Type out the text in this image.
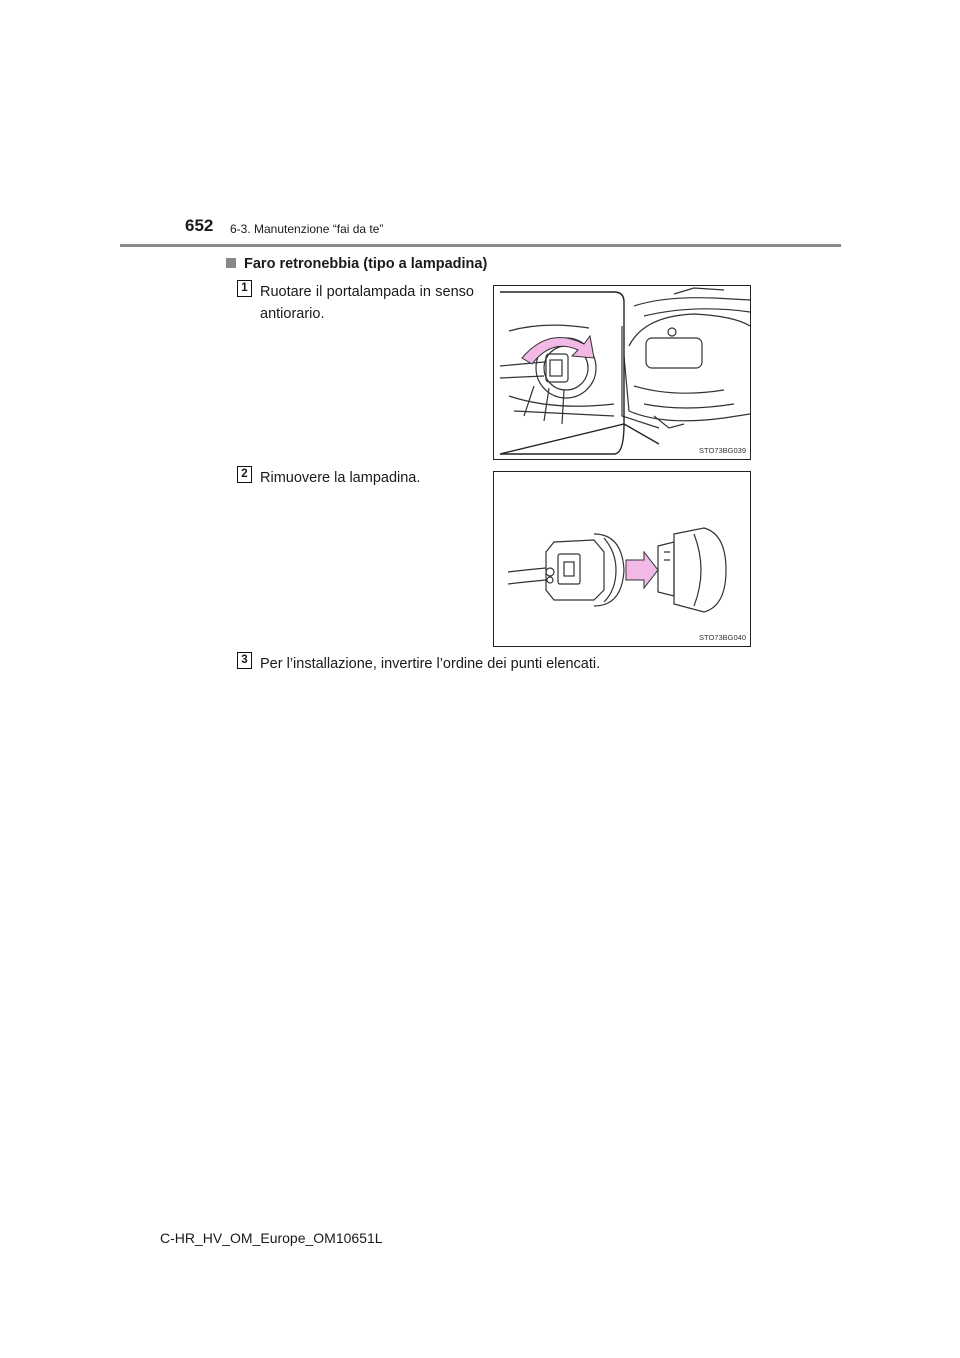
652 6-3. Manutenzione “fai da te”
Faro retronebbia (tipo a lampadina)
1 Ruotare il portalampada in senso antiorario.
STO73BG039
2 Rimuovere la lampadina.
STO73BG040
3 Per l’installazione, invertire l’ordine dei punti elencati.
C-HR_HV_OM_Europe_OM10651L
